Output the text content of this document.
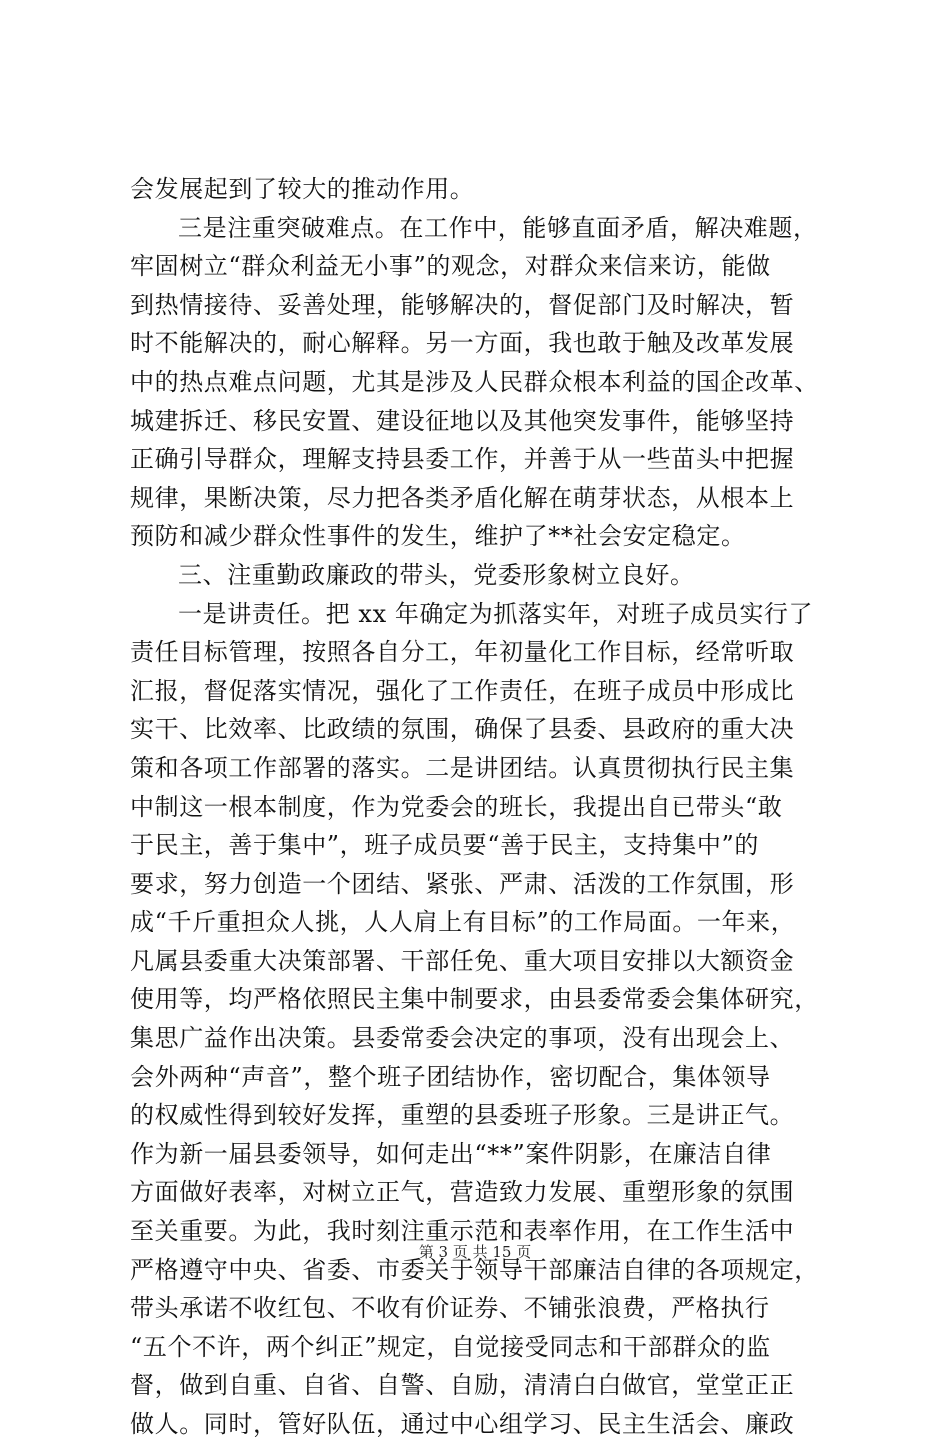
会发展起到了较大的推动作用。
三是注重突破难点。在工作中，能够直面矛盾，解决难题，
牢固树立“群众利益无小事”的观念，对群众来信来访，能做
到热情接待、妥善处理，能够解决的，督促部门及时解决，暂
时不能解决的，耐心解释。另一方面，我也敢于触及改革发展
中的热点难点问题，尤其是涉及人民群众根本利益的国企改革、
城建拆迁、移民安置、建设征地以及其他突发事件，能够坚持
正确引导群众，理解支持县委工作，并善于从一些苗头中把握
规律，果断决策，尽力把各类矛盾化解在萌芽状态，从根本上
预防和减少群众性事件的发生，维护了**社会安定稳定。
三、注重勤政廉政的带头，党委形象树立良好。
一是讲责任。把 xx 年确定为抓落实年，对班子成员实行了
责任目标管理，按照各自分工，年初量化工作目标，经常听取
汇报，督促落实情况，强化了工作责任，在班子成员中形成比
实干、比效率、比政绩的氛围，确保了县委、县政府的重大决
策和各项工作部署的落实。二是讲团结。认真贯彻执行民主集
中制这一根本制度，作为党委会的班长，我提出自已带头“敢
于民主，善于集中”，班子成员要“善于民主，支持集中”的
要求，努力创造一个团结、紧张、严肃、活泼的工作氛围，形
成“千斤重担众人挑，人人肩上有目标”的工作局面。一年来，
凡属县委重大决策部署、干部任免、重大项目安排以大额资金
使用等，均严格依照民主集中制要求，由县委常委会集体研究，
集思广益作出决策。县委常委会决定的事项，没有出现会上、
会外两种“声音”，整个班子团结协作，密切配合，集体领导
的权威性得到较好发挥，重塑的县委班子形象。三是讲正气。
作为新一届县委领导，如何走出“**”案件阴影，在廉洁自律
方面做好表率，对树立正气，营造致力发展、重塑形象的氛围
至关重要。为此，我时刻注重示范和表率作用，在工作生活中
严格遵守中央、省委、市委关于领导干部廉洁自律的各项规定，
带头承诺不收红包、不收有价证券、不铺张浪费，严格执行
“五个不许，两个纠正”规定，自觉接受同志和干部群众的监
督，做到自重、自省、自警、自励，清清白白做官，堂堂正正
做人。同时，管好队伍，通过中心组学习、民主生活会、廉政
第 3 页 共 15 页
